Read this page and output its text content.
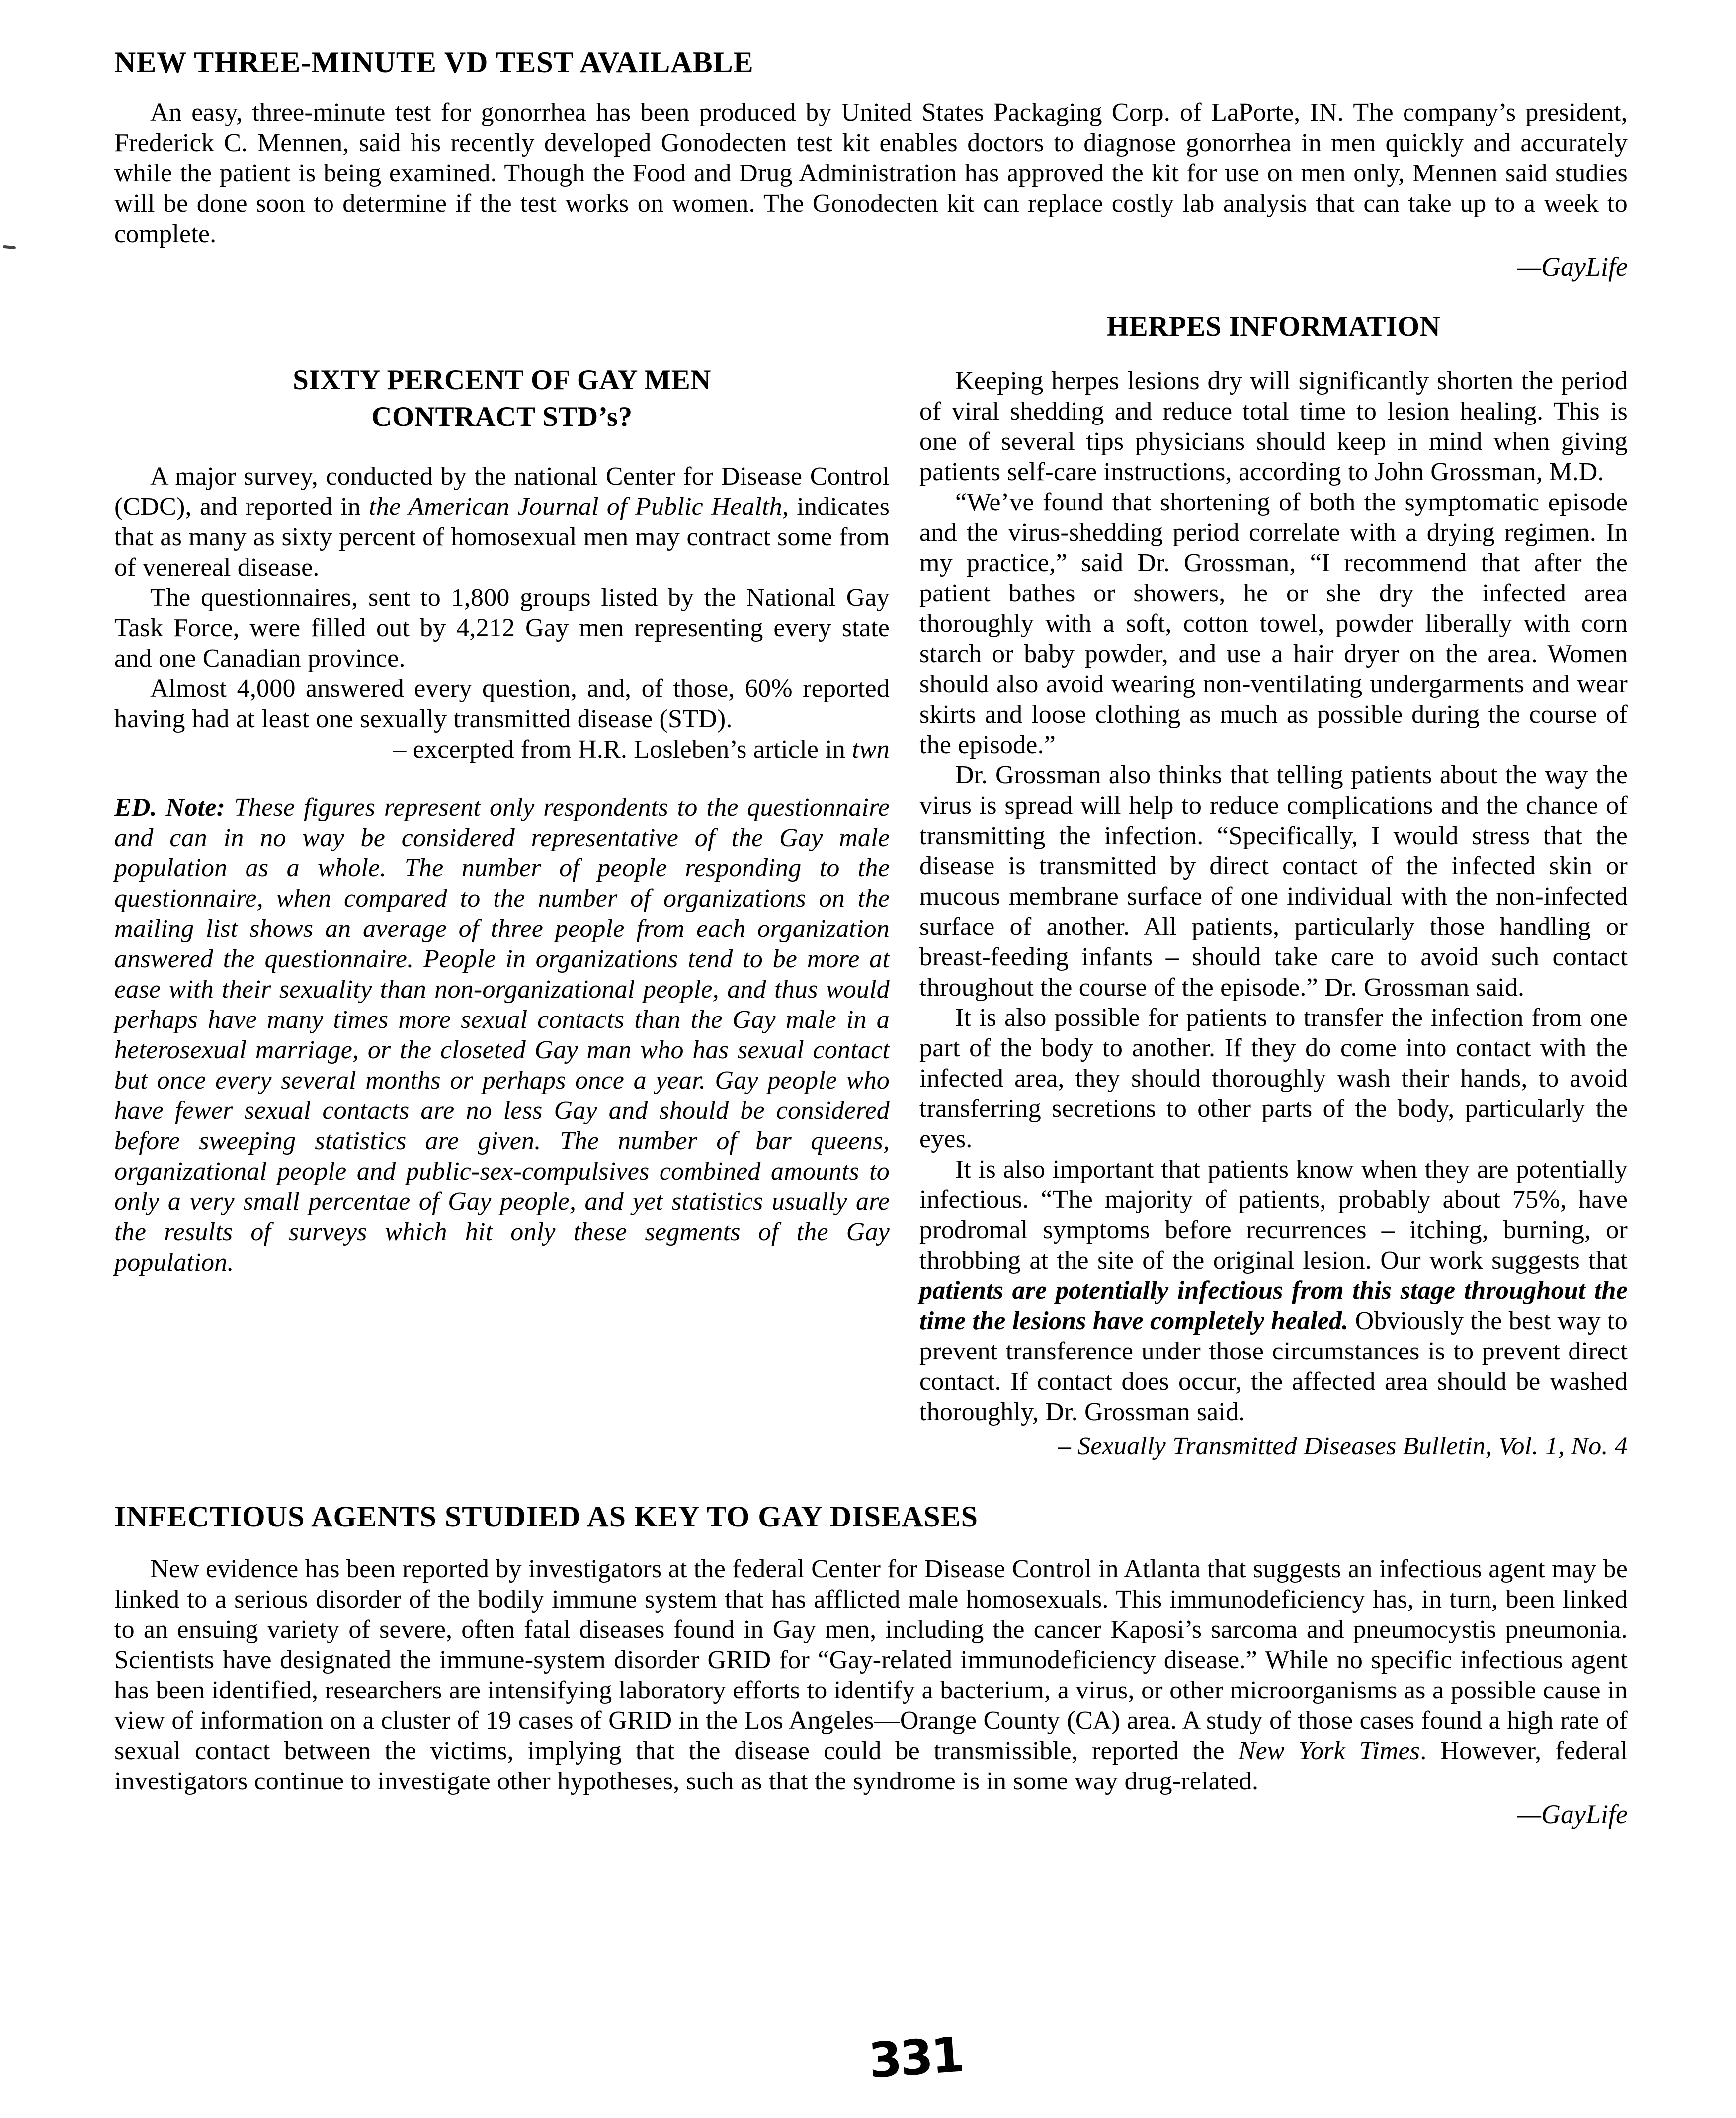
NEW THREE-MINUTE VD TEST AVAILABLE

An easy, three-minute test for gonorrhea has been produced by United States Packaging Corp. of LaPorte, IN. The company’s president, Frederick C. Mennen, said his recently developed Gonodecten test kit enables doctors to diagnose gonorrhea in men quickly and accurately while the patient is being examined. Though the Food and Drug Administration has approved the kit for use on men only, Mennen said studies will be done soon to determine if the test works on women. The Gonodecten kit can replace costly lab analysis that can take up to a week to complete.

—GayLife

SIXTY PERCENT OF GAY MEN
CONTRACT STD’s?

A major survey, conducted by the national Center for Disease Control (CDC), and reported in the American Journal of Public Health, indicates that as many as sixty percent of homosexual men may contract some from of venereal disease.

The questionnaires, sent to 1,800 groups listed by the National Gay Task Force, were filled out by 4,212 Gay men representing every state and one Canadian province.

Almost 4,000 answered every question, and, of those, 60% reported having had at least one sexually transmitted disease (STD).

– excerpted from H.R. Losleben’s article in twn

ED. Note: These figures represent only respondents to the questionnaire and can in no way be considered representative of the Gay male population as a whole. The number of people responding to the questionnaire, when compared to the number of organizations on the mailing list shows an average of three people from each organization answered the questionnaire. People in organizations tend to be more at ease with their sexuality than non-organizational people, and thus would perhaps have many times more sexual contacts than the Gay male in a heterosexual marriage, or the closeted Gay man who has sexual contact but once every several months or perhaps once a year. Gay people who have fewer sexual contacts are no less Gay and should be considered before sweeping statistics are given. The number of bar queens, organizational people and public-sex-compulsives combined amounts to only a very small percentae of Gay people, and yet statistics usually are the results of surveys which hit only these segments of the Gay population.

HERPES INFORMATION

Keeping herpes lesions dry will significantly shorten the period of viral shedding and reduce total time to lesion healing. This is one of several tips physicians should keep in mind when giving patients self-care instructions, according to John Grossman, M.D.

“We’ve found that shortening of both the symptomatic episode and the virus-shedding period correlate with a drying regimen. In my practice,” said Dr. Grossman, “I recommend that after the patient bathes or showers, he or she dry the infected area thoroughly with a soft, cotton towel, powder liberally with corn starch or baby powder, and use a hair dryer on the area. Women should also avoid wearing non-ventilating undergarments and wear skirts and loose clothing as much as possible during the course of the episode.”

Dr. Grossman also thinks that telling patients about the way the virus is spread will help to reduce complications and the chance of transmitting the infection. “Specifically, I would stress that the disease is transmitted by direct contact of the infected skin or mucous membrane surface of one individual with the non-infected surface of another. All patients, particularly those handling or breast-feeding infants – should take care to avoid such contact throughout the course of the episode.” Dr. Grossman said.

It is also possible for patients to transfer the infection from one part of the body to another. If they do come into contact with the infected area, they should thoroughly wash their hands, to avoid transferring secretions to other parts of the body, particularly the eyes.

It is also important that patients know when they are potentially infectious. “The majority of patients, probably about 75%, have prodromal symptoms before recurrences – itching, burning, or throbbing at the site of the original lesion. Our work suggests that patients are potentially infectious from this stage throughout the time the lesions have completely healed. Obviously the best way to prevent transference under those circumstances is to prevent direct contact. If contact does occur, the affected area should be washed thoroughly, Dr. Grossman said.

– Sexually Transmitted Diseases Bulletin, Vol. 1, No. 4

INFECTIOUS AGENTS STUDIED AS KEY TO GAY DISEASES

New evidence has been reported by investigators at the federal Center for Disease Control in Atlanta that suggests an infectious agent may be linked to a serious disorder of the bodily immune system that has afflicted male homosexuals. This immunodeficiency has, in turn, been linked to an ensuing variety of severe, often fatal diseases found in Gay men, including the cancer Kaposi’s sarcoma and pneumocystis pneumonia. Scientists have designated the immune-system disorder GRID for “Gay-related immunodeficiency disease.” While no specific infectious agent has been identified, researchers are intensifying laboratory efforts to identify a bacterium, a virus, or other microorganisms as a possible cause in view of information on a cluster of 19 cases of GRID in the Los Angeles—Orange County (CA) area. A study of those cases found a high rate of sexual contact between the victims, implying that the disease could be transmissible, reported the New York Times. However, federal investigators continue to investigate other hypotheses, such as that the syndrome is in some way drug-related.

—GayLife

331
